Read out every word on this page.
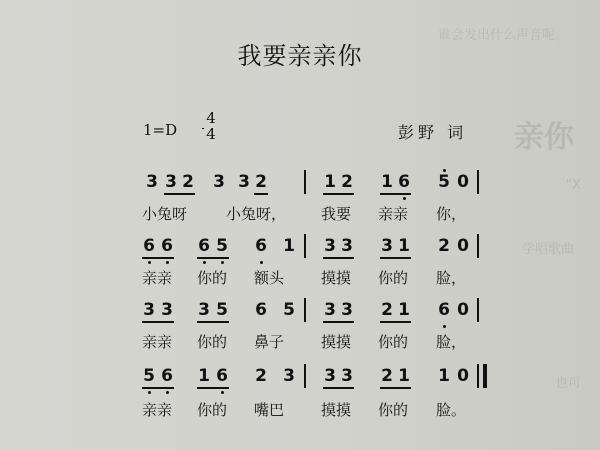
谁会发出什么声音呢。
亲你
"X
学唱歌曲
也可
我要亲亲你
1=D
4
4	彭野 词
3 3 2 3 3 2	1 2 1 6 5 0
小兔呀	小兔呀， 我要 亲亲 你，
6 6 6 5 6 1 3 3 3 1 2 0
亲亲 你的 额头 摸摸 你的 脸，
3 3 3 5 6 5 3 3 2 1 6 0
亲亲 你的 鼻子 摸摸 你的 脸，
5 6 1 6 2 3 3 3 2 1 1 0
亲亲 你的 嘴巴 摸摸 你的 脸。
